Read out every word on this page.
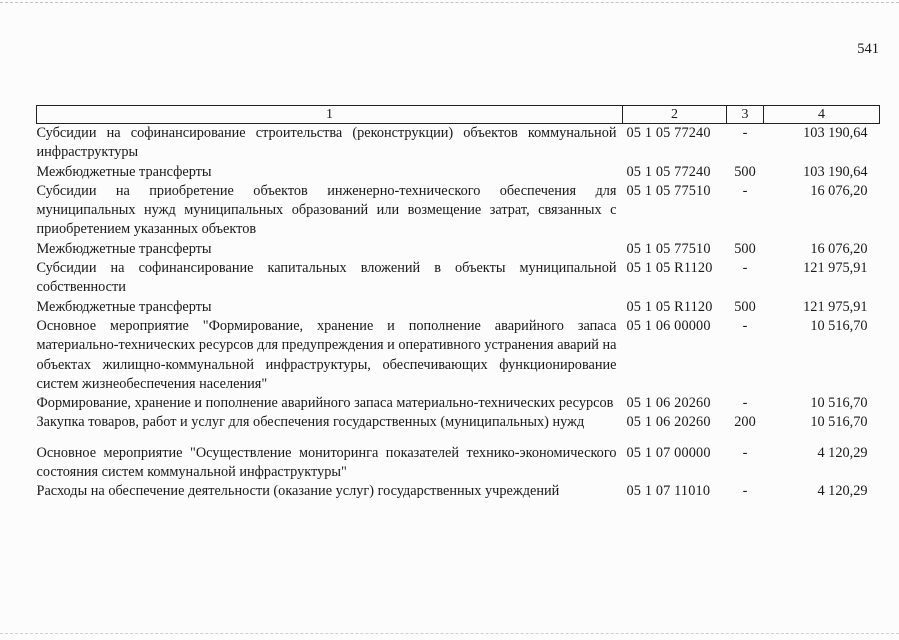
541
1	2	3	4
Субсидии на софинансирование строительства (реконструкции) объектов коммунальной инфраструктуры	05 1 05 77240	-	103 190,64
Межбюджетные трансферты	05 1 05 77240	500	103 190,64
Субсидии на приобретение объектов инженерно-технического обеспечения для муниципальных нужд муниципальных образований или возмещение затрат, связанных с приобретением указанных объектов	05 1 05 77510	-	16 076,20
Межбюджетные трансферты	05 1 05 77510	500	16 076,20
Субсидии на софинансирование капитальных вложений в объекты муниципальной собственности	05 1 05 R1120	-	121 975,91
Межбюджетные трансферты	05 1 05 R1120	500	121 975,91
Основное мероприятие "Формирование, хранение и пополнение аварийного запаса материально-технических ресурсов для предупреждения и оперативного устранения аварий на объектах жилищно-коммунальной инфраструктуры, обеспечивающих функционирование систем жизнеобеспечения населения"	05 1 06 00000	-	10 516,70
Формирование, хранение и пополнение аварийного запаса материально-технических ресурсов	05 1 06 20260	-	10 516,70
Закупка товаров, работ и услуг для обеспечения государственных (муниципальных) нужд	05 1 06 20260	200	10 516,70

Основное мероприятие "Осуществление мониторинга показателей технико-экономического состояния систем коммунальной инфраструктуры"	05 1 07 00000	-	4 120,29
Расходы на обеспечение деятельности (оказание услуг) государственных учреждений	05 1 07 11010	-	4 120,29
